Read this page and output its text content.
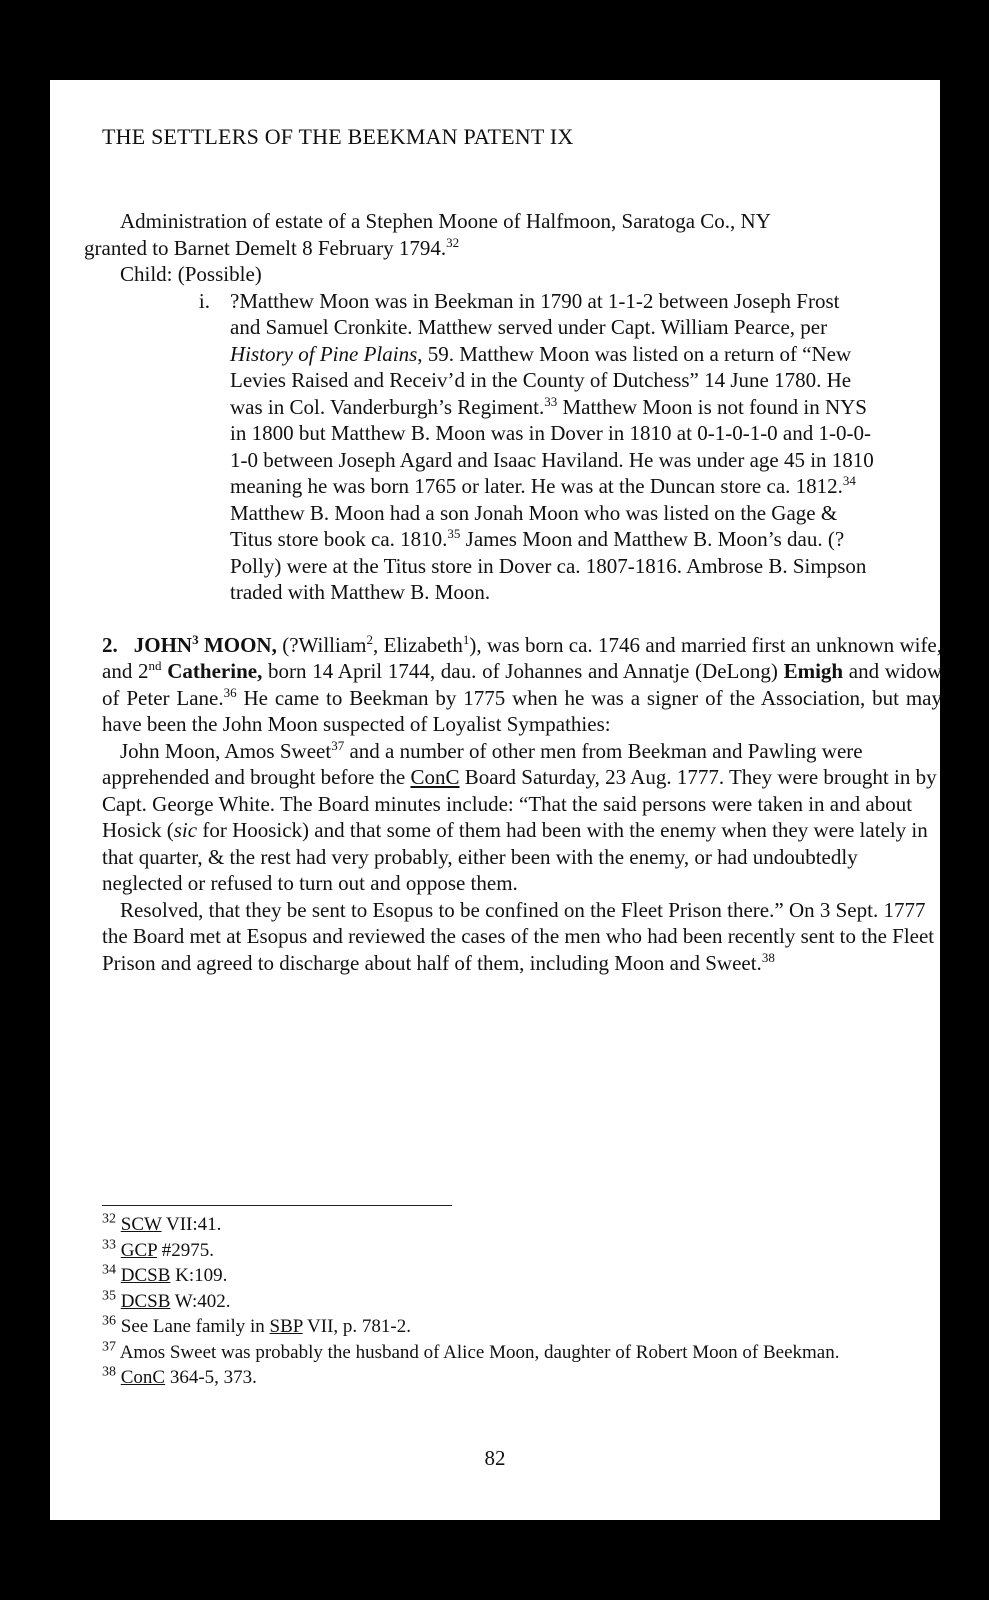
THE SETTLERS OF THE BEEKMAN PATENT IX

Administration of estate of a Stephen Moone of Halfmoon, Saratoga Co., NY
granted to Barnet Demelt 8 February 1794.32

Child: (Possible)

i. ?Matthew Moon was in Beekman in 1790 at 1-1-2 between Joseph Frost and Samuel Cronkite. Matthew served under Capt. William Pearce, per History of Pine Plains, 59. Matthew Moon was listed on a return of “New Levies Raised and Receiv’d in the County of Dutchess” 14 June 1780. He was in Col. Vanderburgh’s Regiment.$^{33}$ Matthew Moon is not found in NYS in 1800 but Matthew B. Moon was in Dover in 1810 at 0-1-0-1-0 and 1-0-0-1-0 between Joseph Agard and Isaac Haviland. He was under age 45 in 1810 meaning he was born 1765 or later. He was at the Duncan store ca. 1812.34 Matthew B. Moon had a son Jonah Moon who was listed on the Gage & Titus store book ca. 1810.35 James Moon and Matthew B. Moon’s dau. (?Polly) were at the Titus store in Dover ca. 1807-1816. Ambrose B. Simpson traded with Matthew B. Moon.

2. JOHN$^3$ MOON, (?William$^2$, Elizabeth$^1$), was born ca. 1746 and married first an unknown wife, and 2nd Catherine, born 14 April 1744, dau. of Johannes and Annatje (DeLong) Emigh and widow of Peter Lane.$^{36}$ He came to Beekman by 1775 when he was a signer of the Association, but may have been the John Moon suspected of Loyalist Sympathies:

John Moon, Amos Sweet$^{37}$ and a number of other men from Beekman and Pawling were apprehended and brought before the ConC Board Saturday, 23 Aug. 1777. They were brought in by Capt. George White. The Board minutes include: “That the said persons were taken in and about Hosick (sic for Hoosick) and that some of them had been with the enemy when they were lately in that quarter, & the rest had very probably, either been with the enemy, or had undoubtedly neglected or refused to turn out and oppose them.

Resolved, that they be sent to Esopus to be confined on the Fleet Prison there.” On 3 Sept. 1777 the Board met at Esopus and reviewed the cases of the men who had been recently sent to the Fleet Prison and agreed to discharge about half of them, including Moon and Sweet.$^{38}$

$^{32}$ SCW VII:41.
$^{33}$ GCP #2975.
$^{34}$ DCSB K:109.
$^{35}$ DCSB W:402.
$^{36}$ See Lane family in SBP VII, p. 781-2.
$^{37}$ Amos Sweet was probably the husband of Alice Moon, daughter of Robert Moon of Beekman.
$^{38}$ ConC 364-5, 373.
82
